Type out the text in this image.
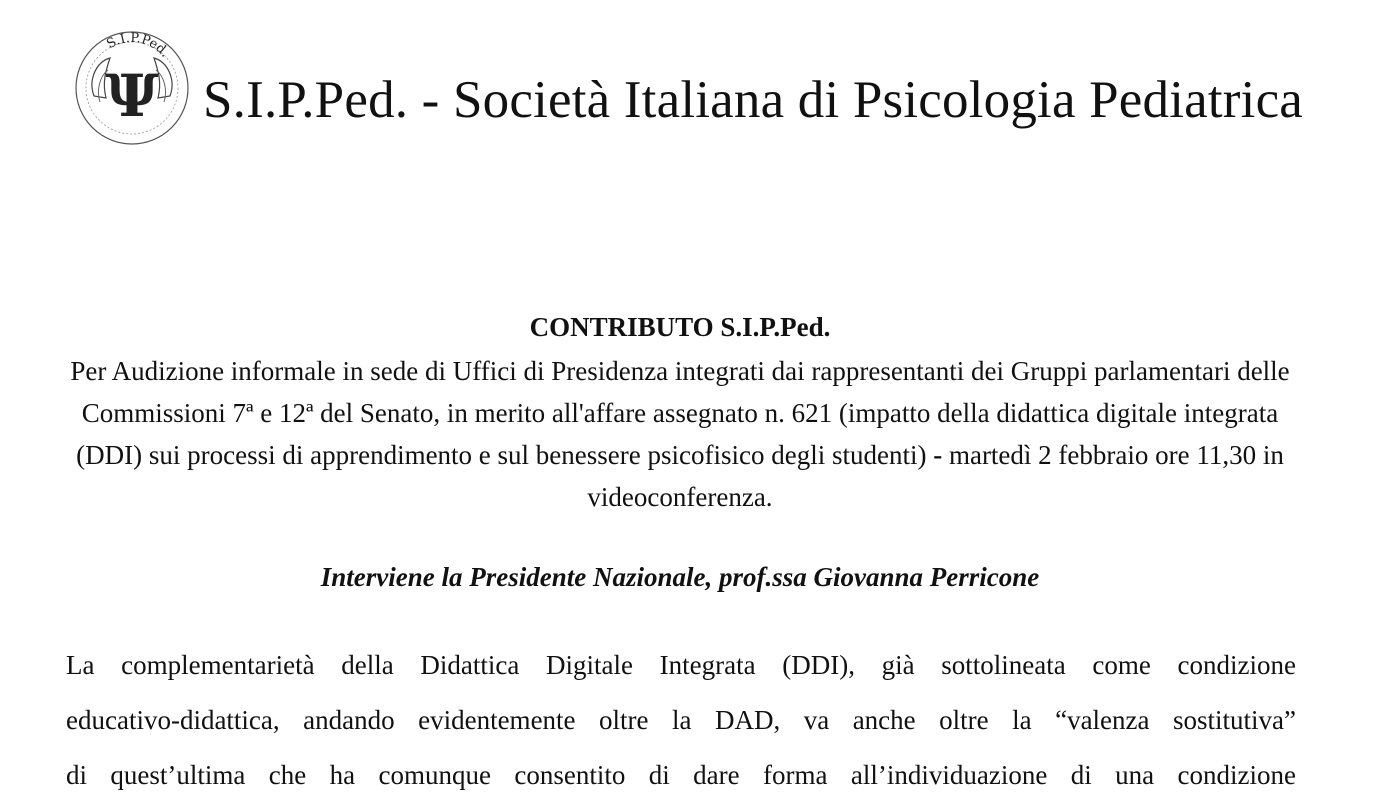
Ψ
S.I.P.Ped.
S.I.P.Ped. - Società Italiana di Psicologia Pediatrica
CONTRIBUTO S.I.P.Ped.
Per Audizione informale in sede di Uffici di Presidenza integrati dai rappresentanti dei Gruppi parlamentari delle Commissioni 7ª e 12ª del Senato, in merito all'affare assegnato n. 621 (impatto della didattica digitale integrata (DDI) sui processi di apprendimento e sul benessere psicofisico degli studenti) - martedì 2 febbraio ore 11,30 in videoconferenza.
Interviene la Presidente Nazionale, prof.ssa Giovanna Perricone
La complementarietà della Didattica Digitale Integrata (DDI), già sottolineata come condizione
educativo-didattica, andando evidentemente oltre la DAD, va anche oltre la “valenza sostitutiva”
di quest’ultima che ha comunque consentito di dare forma all’individuazione di una condizione
